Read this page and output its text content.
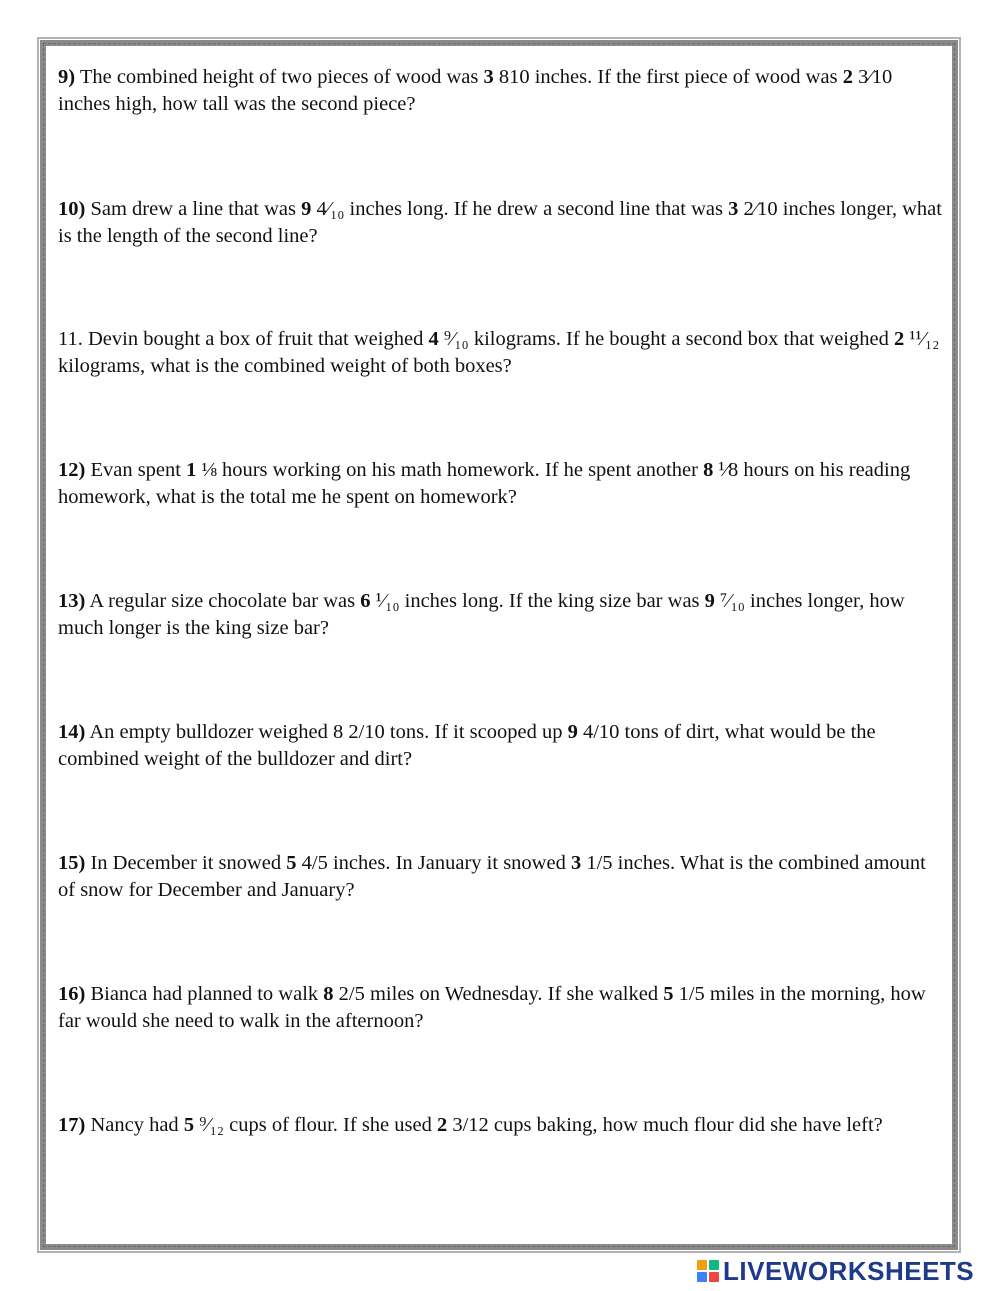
9) The combined height of two pieces of wood was 3 810 inches. If the first piece of wood was 2 3⁄10 inches high, how tall was the second piece?

10) Sam drew a line that was 9 4⁄₁₀ inches long. If he drew a second line that was 3 2⁄10 inches longer, what is the length of the second line?

11. Devin bought a box of fruit that weighed 4 ⁹⁄₁₀ kilograms. If he bought a second box that weighed 2 ¹¹⁄₁₂ kilograms, what is the combined weight of both boxes?

12) Evan spent 1 ⅛ hours working on his math homework. If he spent another 8 ¹⁄8 hours on his reading homework, what is the total me he spent on homework?

13) A regular size chocolate bar was 6 ¹⁄₁₀ inches long. If the king size bar was 9 ⁷⁄₁₀ inches longer, how much longer is the king size bar?

14) An empty bulldozer weighed 8 2/10 tons. If it scooped up 9 4/10 tons of dirt, what would be the combined weight of the bulldozer and dirt?

15) In December it snowed 5 4/5 inches. In January it snowed 3 1/5 inches. What is the combined amount of snow for December and January?

16) Bianca had planned to walk 8 2/5 miles on Wednesday. If she walked 5 1/5 miles in the morning, how far would she need to walk in the afternoon?

17) Nancy had 5 ⁹⁄₁₂ cups of flour. If she used 2 3/12 cups baking, how much flour did she have left?

LIVEWORKSHEETS
